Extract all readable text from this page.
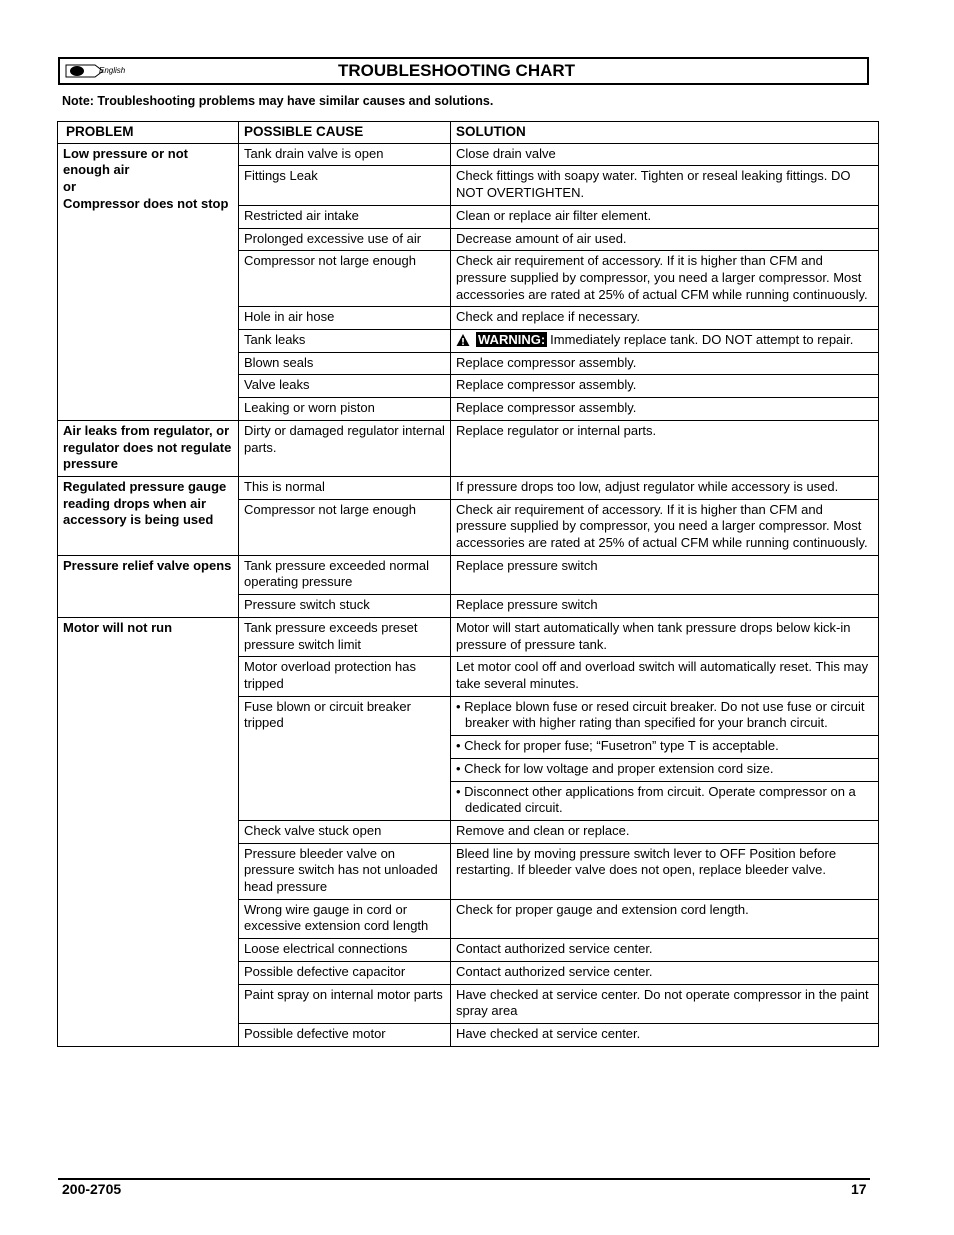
English	TROUBLESHOOTING CHART
Note: Troubleshooting problems may have similar causes and solutions.
PROBLEM	POSSIBLE CAUSE	SOLUTION

Low pressure or not enough air
or
Compressor does not stop	Tank drain valve is open	Close drain valve
	Fittings Leak	Check fittings with soapy water. Tighten or reseal leaking fittings. DO NOT OVERTIGHTEN.
	Restricted air intake	Clean or replace air filter element.
	Prolonged excessive use of air	Decrease amount of air used.
	Compressor not large enough	Check air requirement of accessory. If it is higher than CFM and pressure supplied by compressor, you need a larger compressor. Most accessories are rated at 25% of actual CFM while running continuously.
	Hole in air hose	Check and replace if necessary.
	Tank leaks	WARNING: Immediately replace tank. DO NOT attempt to repair.

	Blown seals	Replace compressor assembly.
	Valve leaks	Replace compressor assembly.
	Leaking or worn piston	Replace compressor assembly.

Air leaks from regulator, or regulator does not regulate pressure	Dirty or damaged regulator internal parts.	Replace regulator or internal parts.

Regulated pressure gauge reading drops when air accessory is being used	This is normal	If pressure drops too low, adjust regulator while accessory is used.
	Compressor not large enough	Check air requirement of accessory. If it is higher than CFM and pressure supplied by compressor, you need a larger compressor. Most accessories are rated at 25% of actual CFM while running continuously.

Pressure relief valve opens	Tank pressure exceeded normal operating pressure	Replace pressure switch
	Pressure switch stuck	Replace pressure switch

Motor will not run	Tank pressure exceeds preset pressure switch limit	Motor will start automatically when tank pressure drops below kick-in pressure of pressure tank.
	Motor overload protection has tripped	Let motor cool off and overload switch will automatically reset. This may take several minutes.
	Fuse blown or circuit breaker tripped	• Replace blown fuse or resed circuit breaker. Do not use fuse or circuit breaker with higher rating than specified for your branch circuit.

		• Check for proper fuse; “Fusetron” type T is acceptable.

		• Check for low voltage and proper extension cord size.

		• Disconnect other applications from circuit. Operate compressor on a dedicated circuit.

	Check valve stuck open	Remove and clean or replace.
	Pressure bleeder valve on pressure switch has not unloaded head pressure	Bleed line by moving pressure switch lever to OFF Position before restarting. If bleeder valve does not open, replace bleeder valve.
	Wrong wire gauge in cord or excessive extension cord length	Check for proper gauge and extension cord length.
	Loose electrical connections	Contact authorized service center.
	Possible defective capacitor	Contact authorized service center.
	Paint spray on internal motor parts	Have checked at service center. Do not operate compressor in the paint spray area
	Possible defective motor	Have checked at service center.
200-2705	17
